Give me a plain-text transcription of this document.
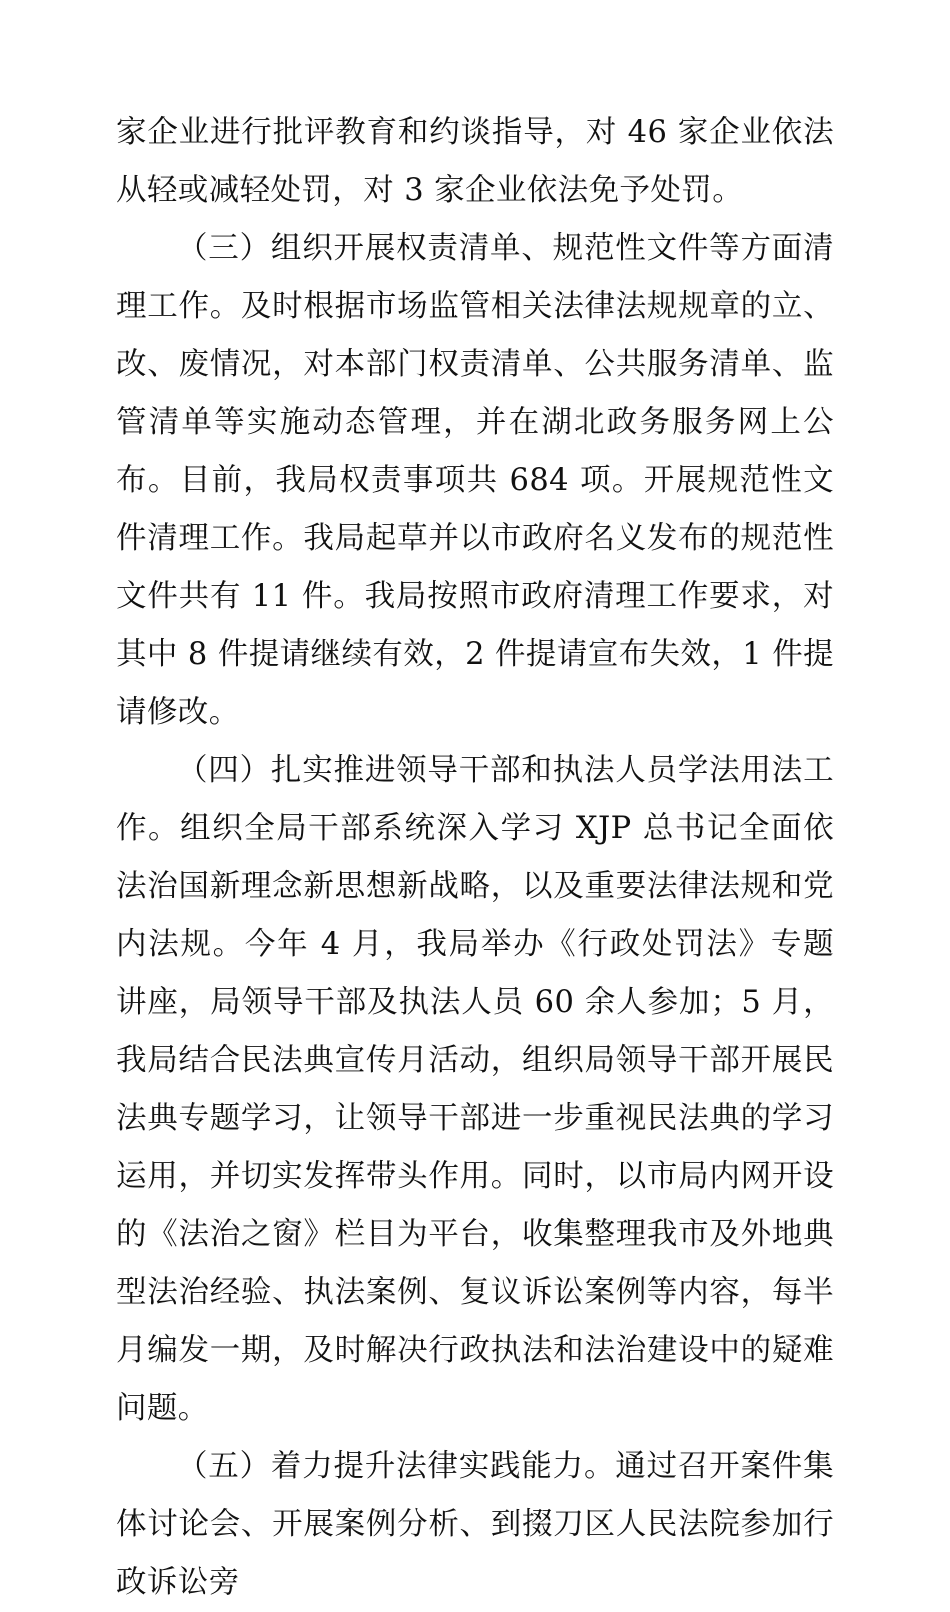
家企业进行批评教育和约谈指导，对 46 家企业依法从轻或减轻处罚，对 3 家企业依法免予处罚。

（三）组织开展权责清单、规范性文件等方面清理工作。及时根据市场监管相关法律法规规章的立、改、废情况，对本部门权责清单、公共服务清单、监管清单等实施动态管理，并在湖北政务服务网上公布。目前，我局权责事项共 684 项。开展规范性文件清理工作。我局起草并以市政府名义发布的规范性文件共有 11 件。我局按照市政府清理工作要求，对其中 8 件提请继续有效，2 件提请宣布失效，1 件提请修改。

（四）扎实推进领导干部和执法人员学法用法工作。组织全局干部系统深入学习 XJP 总书记全面依法治国新理念新思想新战略，以及重要法律法规和党内法规。今年 4 月，我局举办《行政处罚法》专题讲座，局领导干部及执法人员 60 余人参加；5 月，我局结合民法典宣传月活动，组织局领导干部开展民法典专题学习，让领导干部进一步重视民法典的学习运用，并切实发挥带头作用。同时，以市局内网开设的《法治之窗》栏目为平台，收集整理我市及外地典型法治经验、执法案例、复议诉讼案例等内容，每半月编发一期，及时解决行政执法和法治建设中的疑难问题。

（五）着力提升法律实践能力。通过召开案件集体讨论会、开展案例分析、到掇刀区人民法院参加行政诉讼旁
